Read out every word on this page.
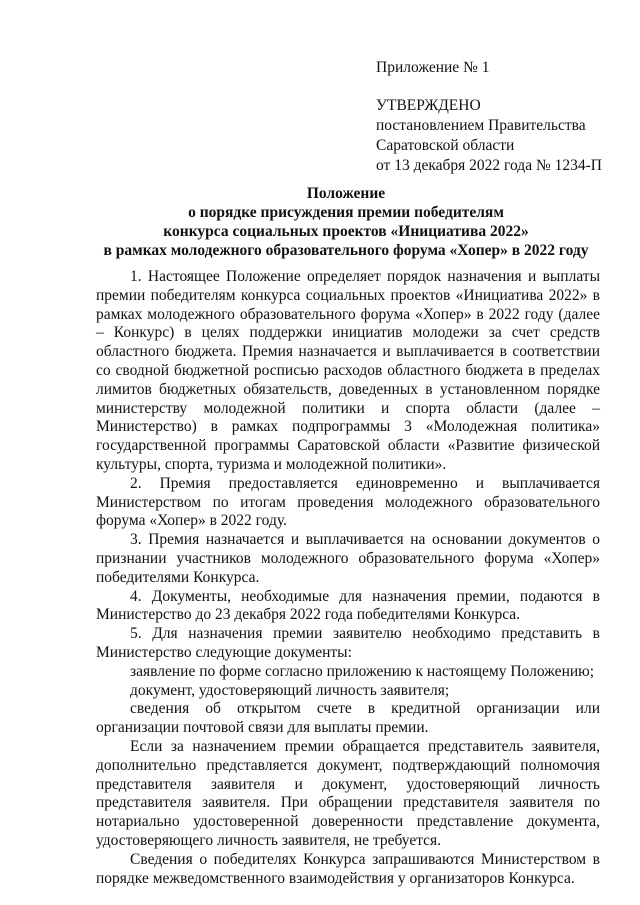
Приложение № 1
УТВЕРЖДЕНО
постановлением Правительства
Саратовской области
от 13 декабря 2022 года № 1234-П
Положение
о порядке присуждения премии победителям
конкурса социальных проектов «Инициатива 2022»
в рамках молодежного образовательного форума «Хопер» в 2022 году

1. Настоящее Положение определяет порядок назначения и выплаты премии победителям конкурса социальных проектов «Инициатива 2022» в рамках молодежного образовательного форума «Хопер» в 2022 году (далее – Конкурс) в целях поддержки инициатив молодежи за счет средств областного бюджета. Премия назначается и выплачивается в соответствии со сводной бюджетной росписью расходов областного бюджета в пределах лимитов бюджетных обязательств, доведенных в установленном порядке министерству молодежной политики и спорта области (далее – Министерство) в рамках подпрограммы 3 «Молодежная политика» государственной программы Саратовской области «Развитие физической культуры, спорта, туризма и молодежной политики».

2. Премия предоставляется единовременно и выплачивается Министерством по итогам проведения молодежного образовательного форума «Хопер» в 2022 году.

3. Премия назначается и выплачивается на основании документов о признании участников молодежного образовательного форума «Хопер» победителями Конкурса.

4. Документы, необходимые для назначения премии, подаются в Министерство до 23 декабря 2022 года победителями Конкурса.

5. Для назначения премии заявителю необходимо представить в Министерство следующие документы:

заявление по форме согласно приложению к настоящему Положению;

документ, удостоверяющий личность заявителя;

сведения об открытом счете в кредитной организации или организации почтовой связи для выплаты премии.

Если за назначением премии обращается представитель заявителя, дополнительно представляется документ, подтверждающий полномочия представителя заявителя и документ, удостоверяющий личность представителя заявителя. При обращении представителя заявителя по нотариально удостоверенной доверенности представление документа, удостоверяющего личность заявителя, не требуется.

Сведения о победителях Конкурса запрашиваются Министерством в порядке межведомственного взаимодействия у организаторов Конкурса.
